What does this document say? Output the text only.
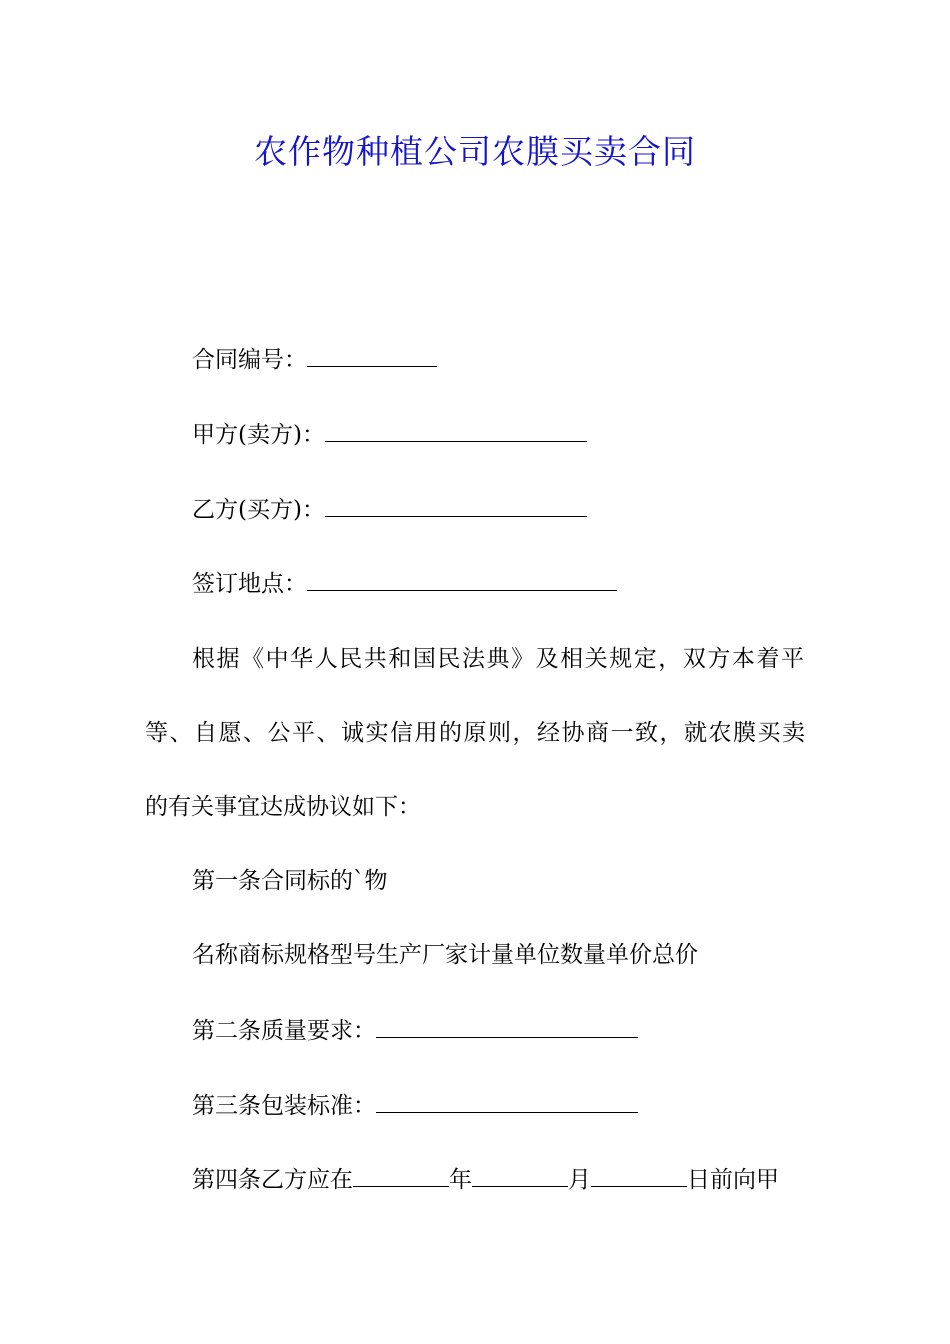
农作物种植公司农膜买卖合同
合同编号：
甲方(卖方)：
乙方(买方)：
签订地点：
根据《中华人民共和国民法典》及相关规定，双方本着平
等、自愿、公平、诚实信用的原则，经协商一致，就农膜买卖
的有关事宜达成协议如下：
第一条合同标的`物
名称商标规格型号生产厂家计量单位数量单价总价
第二条质量要求：
第三条包装标准：
第四条乙方应在	年	月	日前向甲
